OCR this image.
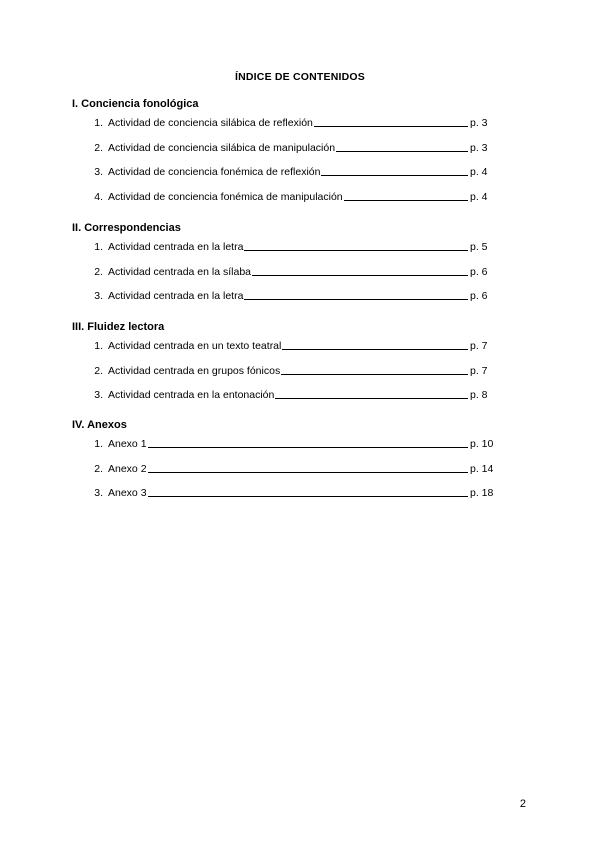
ÍNDICE DE CONTENIDOS
I. Conciencia fonológica
1. Actividad de conciencia silábica de reflexión	p. 3
2. Actividad de conciencia silábica de manipulación	p. 3
3. Actividad de conciencia fonémica de reflexión	p. 4
4. Actividad de conciencia fonémica de manipulación	p. 4
II. Correspondencias
1. Actividad centrada en la letra	p. 5
2. Actividad centrada en la sílaba	p. 6
3. Actividad centrada en la letra	p. 6
III. Fluidez lectora
1. Actividad centrada en un texto teatral	p. 7
2. Actividad centrada en grupos fónicos	p. 7
3. Actividad centrada en la entonación	p. 8
IV. Anexos
1. Anexo 1	p. 10
2. Anexo 2	p. 14
3. Anexo 3	p. 18
2
